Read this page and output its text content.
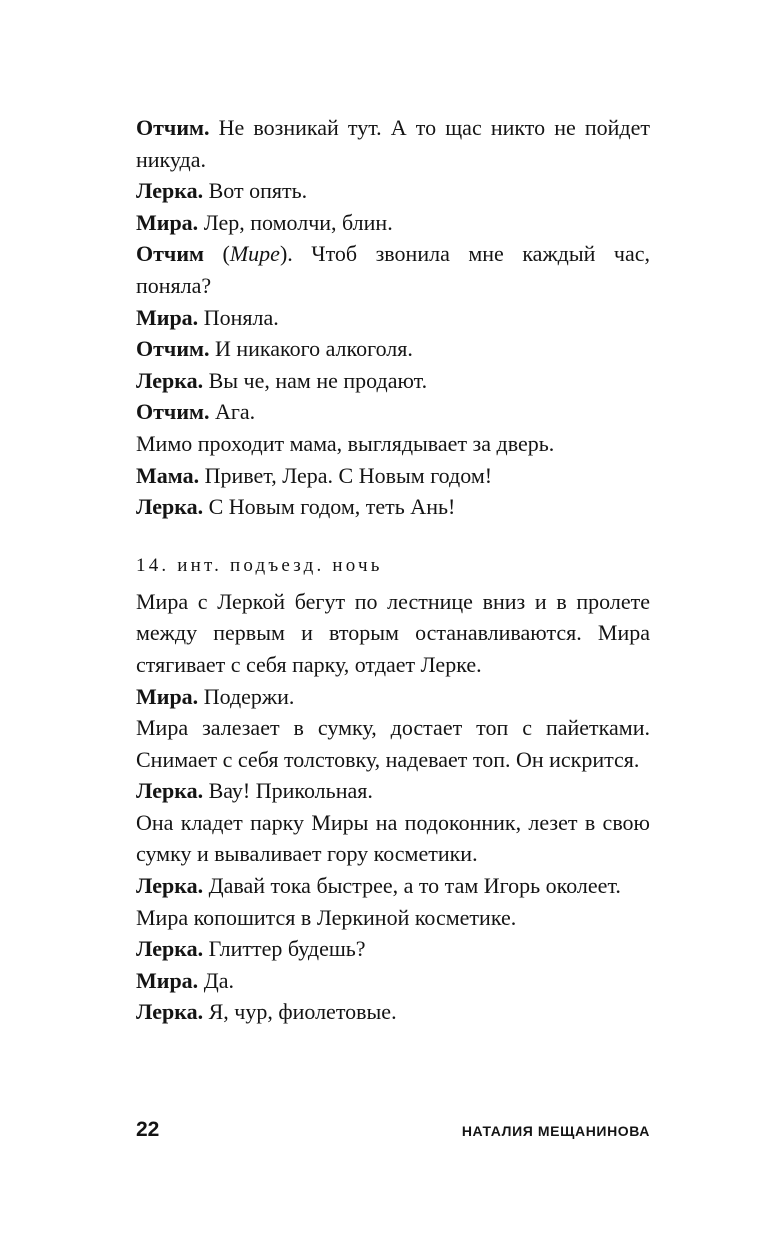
Отчим. Не возникай тут. А то щас никто не пойдет никуда.

Лерка. Вот опять.

Мира. Лер, помолчи, блин.

Отчим (Мире). Чтоб звонила мне каждый час, поняла?

Мира. Поняла.

Отчим. И никакого алкоголя.

Лерка. Вы че, нам не продают.

Отчим. Ага.

Мимо проходит мама, выглядывает за дверь.

Мама. Привет, Лера. С Новым годом!

Лерка. С Новым годом, теть Ань!

14. инт. подъезд. ночь

Мира с Леркой бегут по лестнице вниз и в пролете между первым и вторым останавливаются. Мира стягивает с себя парку, отдает Лерке.

Мира. Подержи.

Мира залезает в сумку, достает топ с пайетками. Снимает с себя толстовку, надевает топ. Он искрится.

Лерка. Вау! Прикольная.

Она кладет парку Миры на подоконник, лезет в свою сумку и вываливает гору косметики.

Лерка. Давай тока быстрее, а то там Игорь околеет.

Мира копошится в Леркиной косметике.

Лерка. Глиттер будешь?

Мира. Да.

Лерка. Я, чур, фиолетовые.

22	НАТАЛИЯ МЕЩАНИНОВА
